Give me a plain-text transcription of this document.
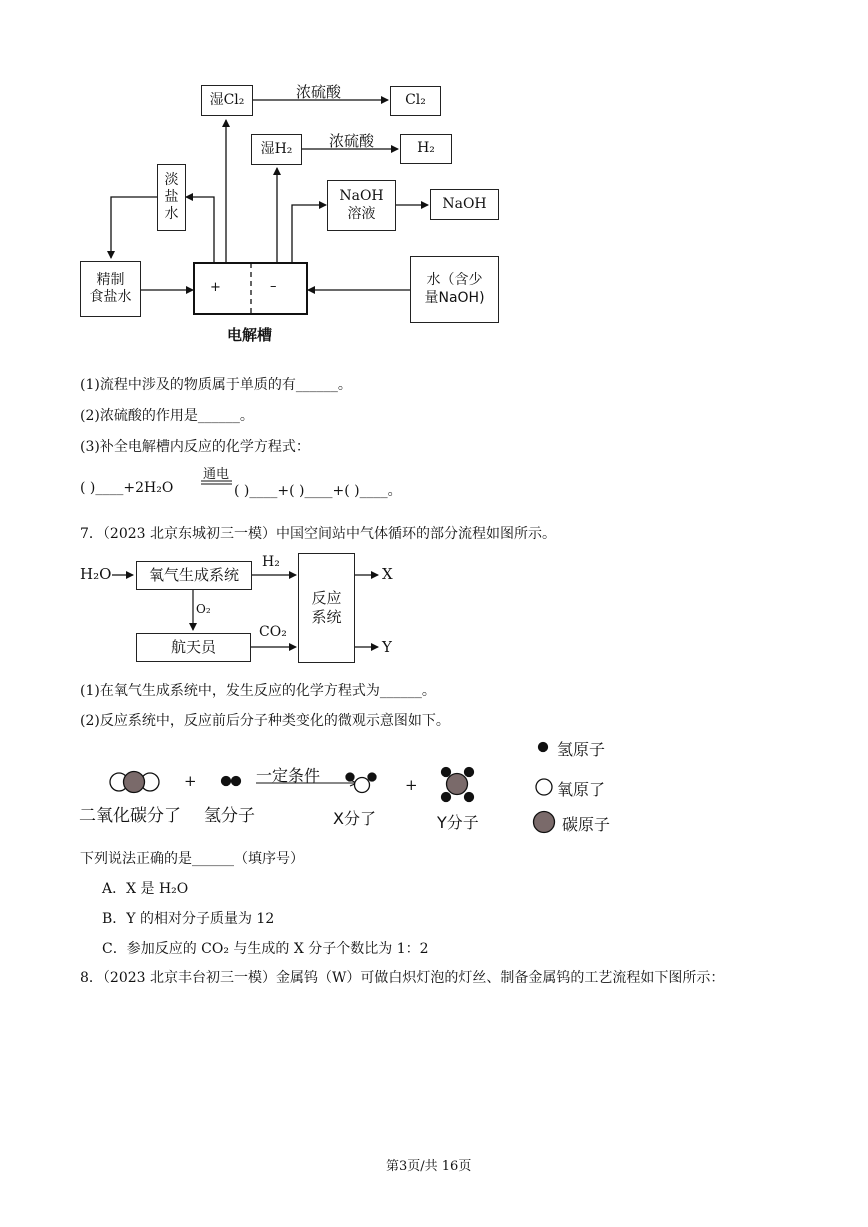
湿Cl₂	浓硫酸	Cl₂
湿H₂ 浓硫酸	H₂
淡
盐
水
NaOH
溶液
NaOH
精制
食盐水
+	–	水（含少
量NaOH)
电解槽
(1)流程中涉及的物质属于单质的有______。
(2)浓硫酸的作用是______。
(3)补全电解槽内反应的化学方程式：
( )____+2H₂O
通电
( )____+( )____+( )____。
7．（2023 北京东城初三一模）中国空间站中气体循环的部分流程如图所示。
H₂O	氧气生成系统
H₂
O₂
航天员
CO₂
反应
系统
X
Y
(1)在氧气生成系统中，发生反应的化学方程式为______。
(2)反应系统中，反应前后分子种类变化的微观示意图如下。
二氧化碳分了
+
氢分子
一定条件
X分了
+
Y分子
氢原子
氧原了
碳原子
下列说法正确的是______（填序号）
A．X 是 H₂O
B．Y 的相对分子质量为 12
C．参加反应的 CO₂ 与生成的 X 分子个数比为 1：2
8．（2023 北京丰台初三一模）金属钨（W）可做白炽灯泡的灯丝、制备金属钨的工艺流程如下图所示：
第3页/共 16页
